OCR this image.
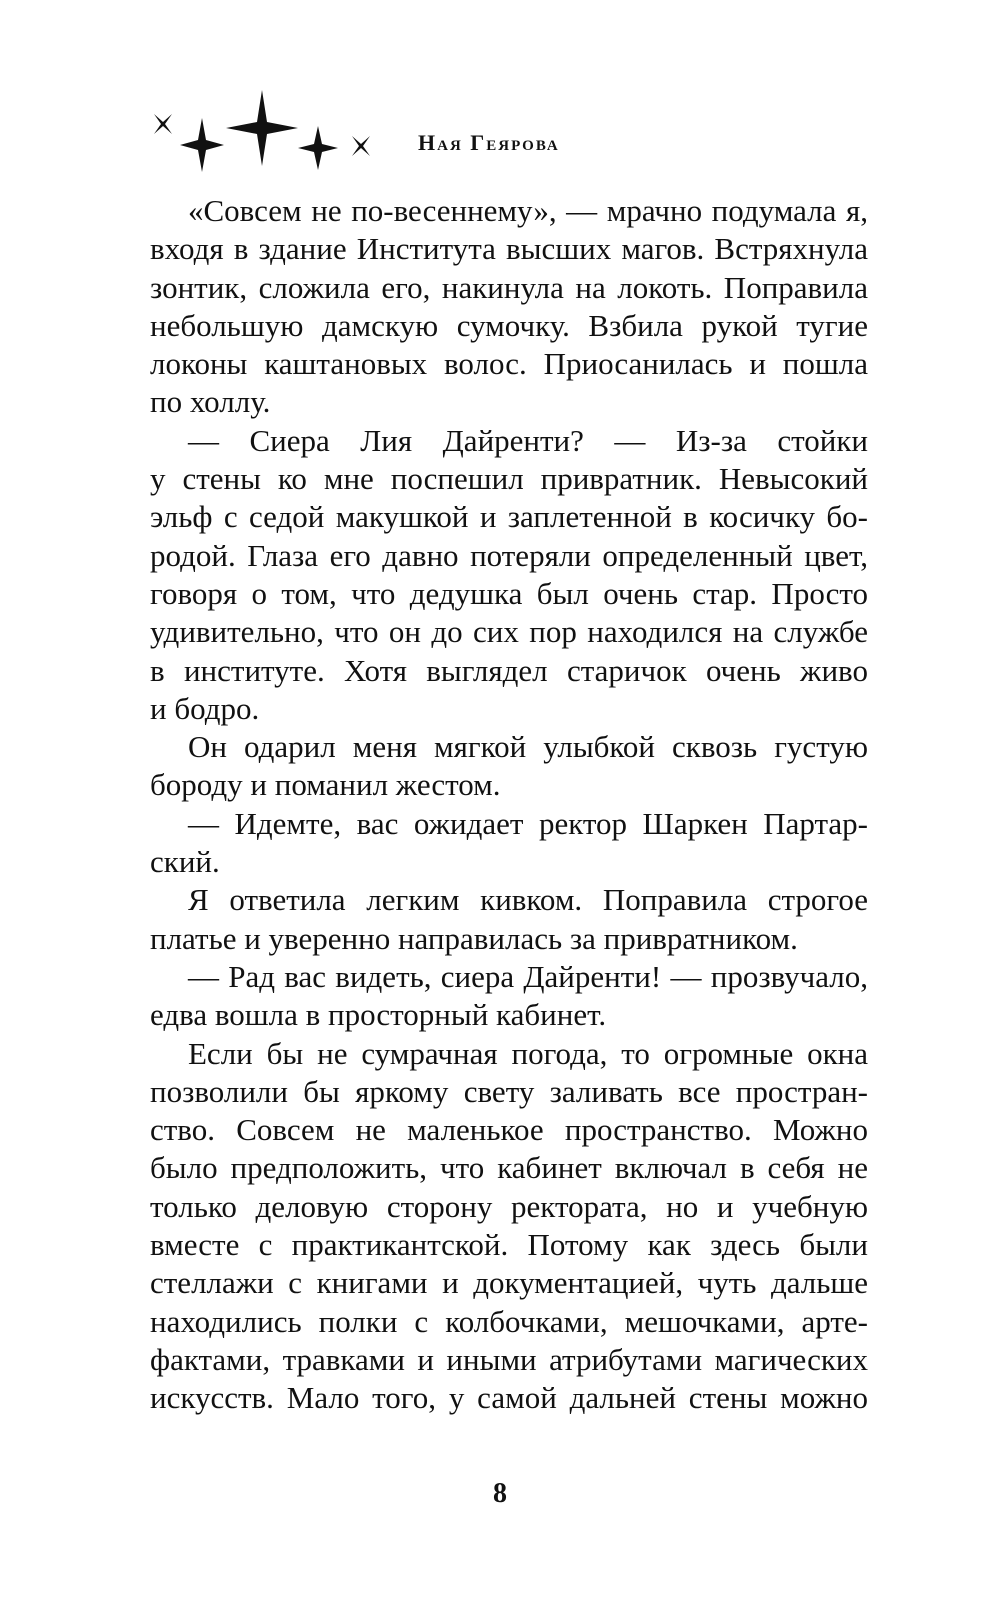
Ная Геярова
«Совсем не по-весеннему», — мрачно подумала я,
входя в здание Института высших магов. Встряхнула
зонтик, сложила его, накинула на локоть. Поправила
небольшую дамскую сумочку. Взбила рукой тугие
локоны каштановых волос. Приосанилась и пошла
по холлу.
— Сиера Лия Дайренти? — Из-за стойки
у стены ко мне поспешил привратник. Невысокий
эльф с седой макушкой и заплетенной в косичку бо-
родой. Глаза его давно потеряли определенный цвет,
говоря о том, что дедушка был очень стар. Просто
удивительно, что он до сих пор находился на службе
в институте. Хотя выглядел старичок очень живо
и бодро.
Он одарил меня мягкой улыбкой сквозь густую
бороду и поманил жестом.
— Идемте, вас ожидает ректор Шаркен Партар-
ский.
Я ответила легким кивком. Поправила строгое
платье и уверенно направилась за привратником.
— Рад вас видеть, сиера Дайренти! — прозвучало,
едва вошла в просторный кабинет.
Если бы не сумрачная погода, то огромные окна
позволили бы яркому свету заливать все простран-
ство. Совсем не маленькое пространство. Можно
было предположить, что кабинет включал в себя не
только деловую сторону ректората, но и учебную
вместе с практикантской. Потому как здесь были
стеллажи с книгами и документацией, чуть дальше
находились полки с колбочками, мешочками, арте-
фактами, травками и иными атрибутами магических
искусств. Мало того, у самой дальней стены можно
8
